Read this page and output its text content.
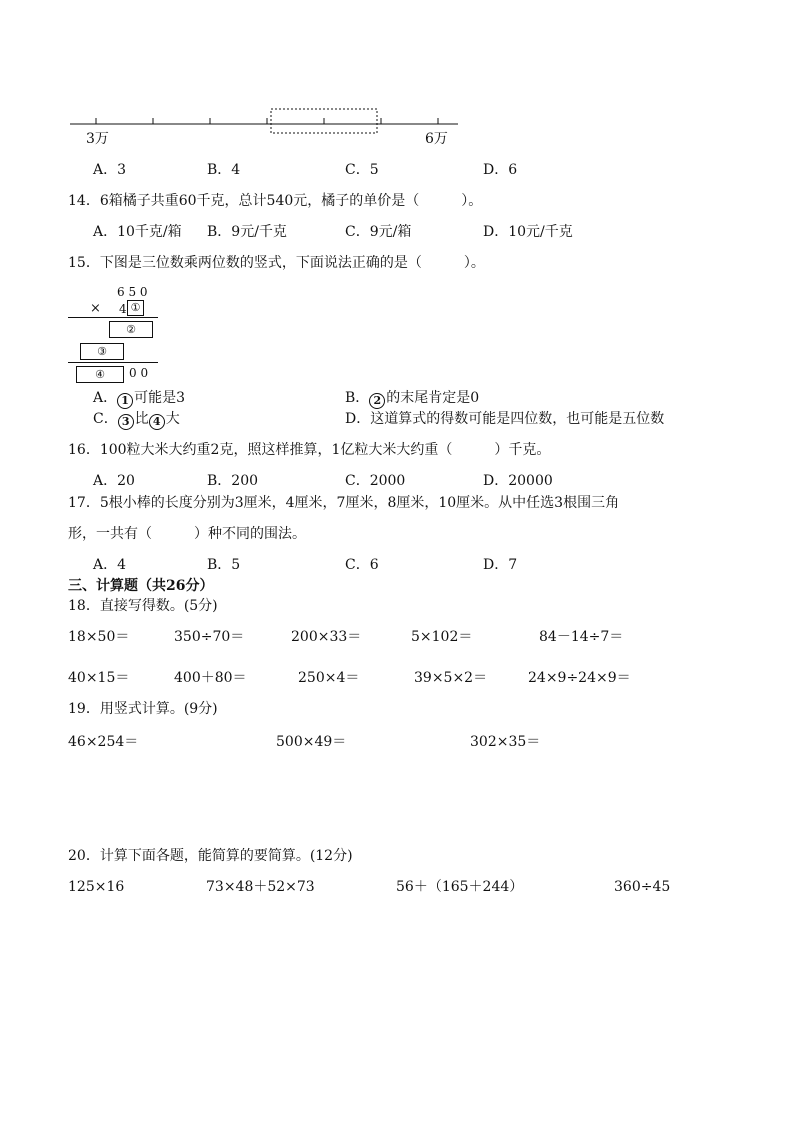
3万	6万
A．3	B．4	C．5	D．6
14．6箱橘子共重60千克，总计540元，橘子的单价是（　　　）。
A．10千克/箱 B．9元/千克	C．9元/箱	D．10元/千克
15．下图是三位数乘两位数的竖式，下面说法正确的是（　　　）。
6 5 0
× 4 ①
②
③
④	0 0
A． 1 可能是3	B． 2 的末尾肯定是0
C． 3 比 4 大	D．这道算式的得数可能是四位数，也可能是五位数
16．100粒大米大约重2克，照这样推算，1亿粒大米大约重（　　　）千克。
A．20	B．200	C．2000	D．20000
17．5根小棒的长度分别为3厘米，4厘米，7厘米，8厘米，10厘米。从中任选3根围三角
形，一共有（　　　）种不同的围法。
A．4	B．5	C．6	D．7
三、计算题（共26分）
18．直接写得数。(5分)
18×50＝	350÷70＝	200×33＝	5×102＝	84－14÷7＝
40×15＝	400＋80＝	250×4＝	39×5×2＝	24×9÷24×9＝
19．用竖式计算。(9分)
46×254＝	500×49＝	302×35＝
20．计算下面各题，能简算的要简算。(12分)
125×16	73×48＋52×73	56＋（165＋244）	360÷45
